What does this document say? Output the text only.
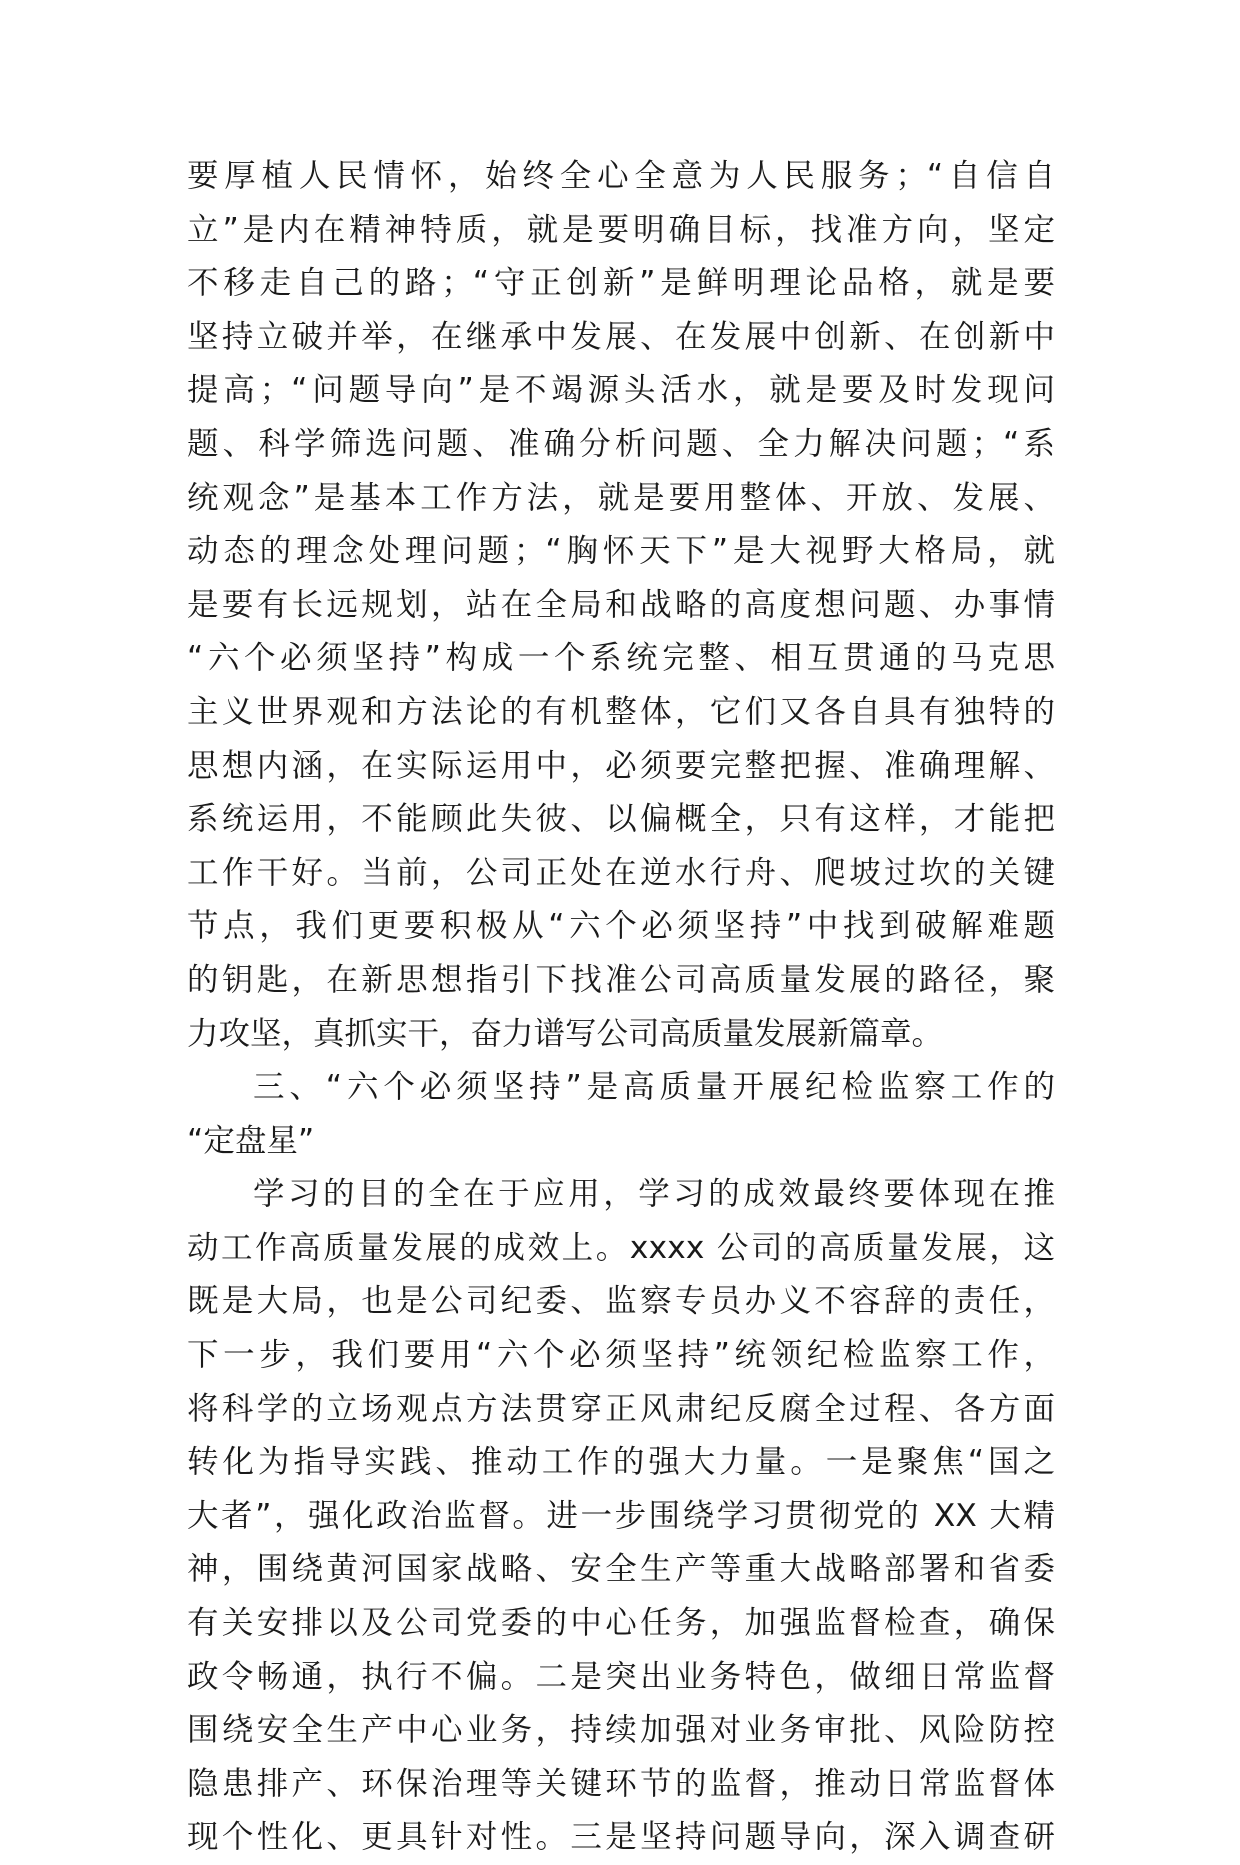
要厚植人民情怀，始终全心全意为人民服务；“自信自
立”是内在精神特质，就是要明确目标，找准方向，坚定
不移走自己的路；“守正创新”是鲜明理论品格，就是要
坚持立破并举，在继承中发展、在发展中创新、在创新中
提高；“问题导向”是不竭源头活水，就是要及时发现问
题、科学筛选问题、准确分析问题、全力解决问题；“系
统观念”是基本工作方法，就是要用整体、开放、发展、
动态的理念处理问题；“胸怀天下”是大视野大格局，就
是要有长远规划，站在全局和战略的高度想问题、办事情
“六个必须坚持”构成一个系统完整、相互贯通的马克思
主义世界观和方法论的有机整体，它们又各自具有独特的
思想内涵，在实际运用中，必须要完整把握、准确理解、
系统运用，不能顾此失彼、以偏概全，只有这样，才能把
工作干好。当前，公司正处在逆水行舟、爬坡过坎的关键
节点，我们更要积极从“六个必须坚持”中找到破解难题
的钥匙，在新思想指引下找准公司高质量发展的路径，聚
力攻坚，真抓实干，奋力谱写公司高质量发展新篇章。
三、“六个必须坚持”是高质量开展纪检监察工作的
“定盘星”
学习的目的全在于应用，学习的成效最终要体现在推
动工作高质量发展的成效上。xxxx 公司的高质量发展，这
既是大局，也是公司纪委、监察专员办义不容辞的责任，
下一步，我们要用“六个必须坚持”统领纪检监察工作，
将科学的立场观点方法贯穿正风肃纪反腐全过程、各方面
转化为指导实践、推动工作的强大力量。一是聚焦“国之
大者”，强化政治监督。进一步围绕学习贯彻党的 XX 大精
神，围绕黄河国家战略、安全生产等重大战略部署和省委
有关安排以及公司党委的中心任务，加强监督检查，确保
政令畅通，执行不偏。二是突出业务特色，做细日常监督
围绕安全生产中心业务，持续加强对业务审批、风险防控
隐患排产、环保治理等关键环节的监督，推动日常监督体
现个性化、更具针对性。三是坚持问题导向，深入调查研
